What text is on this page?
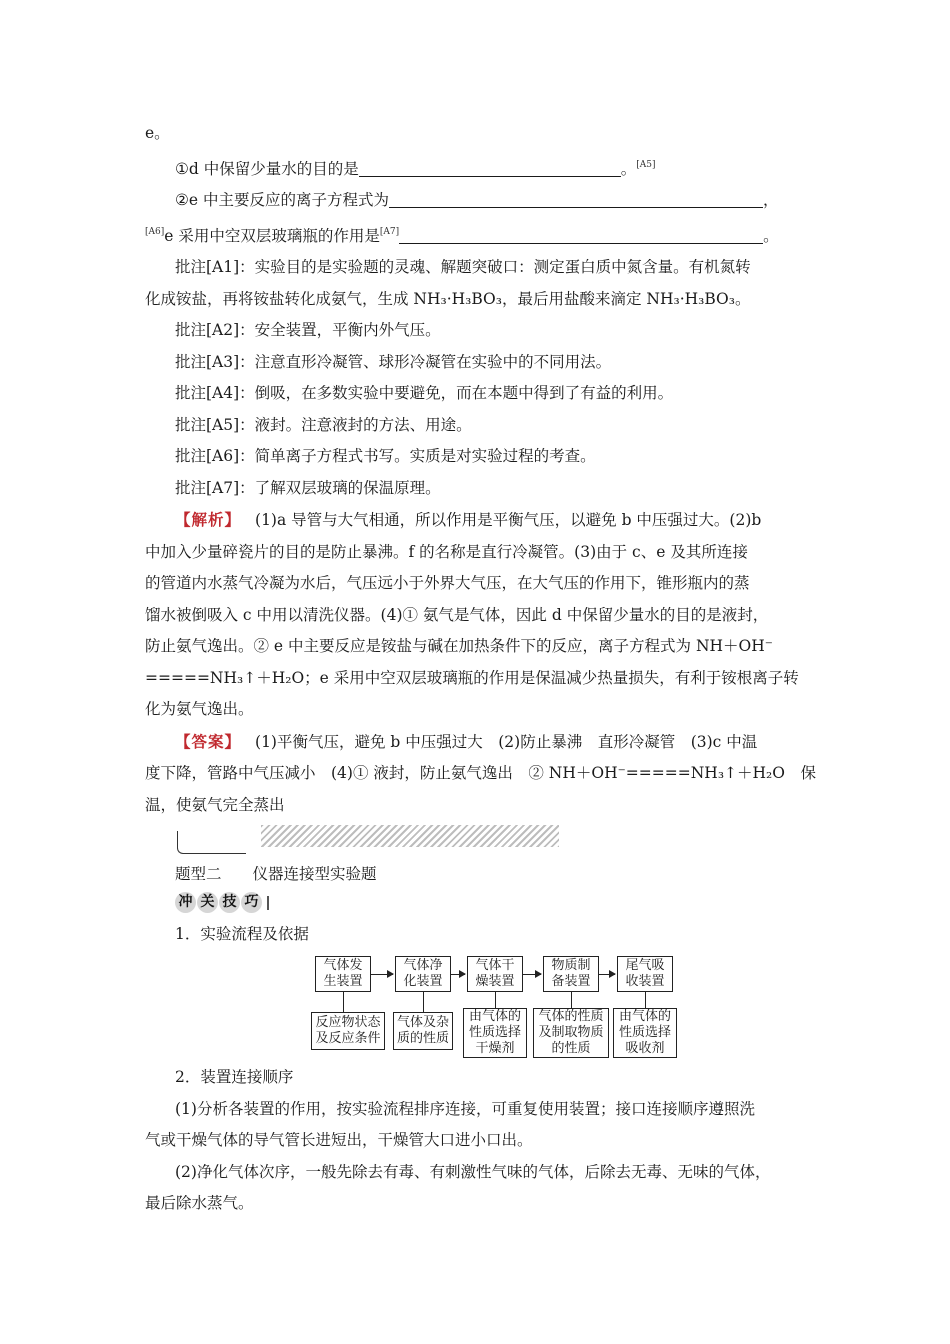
e。
①d 中保留少量水的目的是	。[A5]
②e 中主要反应的离子方程式为	，
[A6]e 采用中空双层玻璃瓶的作用是[A7]	。
批注[A1]：实验目的是实验题的灵魂、解题突破口：测定蛋白质中氮含量。有机氮转
化成铵盐，再将铵盐转化成氨气，生成 NH₃·H₃BO₃，最后用盐酸来滴定 NH₃·H₃BO₃。
批注[A2]：安全装置，平衡内外气压。
批注[A3]：注意直形冷凝管、球形冷凝管在实验中的不同用法。
批注[A4]：倒吸，在多数实验中要避免，而在本题中得到了有益的利用。
批注[A5]：液封。注意液封的方法、用途。
批注[A6]：简单离子方程式书写。实质是对实验过程的考查。
批注[A7]：了解双层玻璃的保温原理。
【解析】 (1)a 导管与大气相通，所以作用是平衡气压，以避免 b 中压强过大。(2)b
中加入少量碎瓷片的目的是防止暴沸。f 的名称是直行冷凝管。(3)由于 c、e 及其所连接
的管道内水蒸气冷凝为水后，气压远小于外界大气压，在大气压的作用下，锥形瓶内的蒸
馏水被倒吸入 c 中用以清洗仪器。(4)① 氨气是气体，因此 d 中保留少量水的目的是液封，
防止氨气逸出。② e 中主要反应是铵盐与碱在加热条件下的反应，离子方程式为 NH＋OH⁻
=====NH₃↑＋H₂O；e 采用中空双层玻璃瓶的作用是保温减少热量损失，有利于铵根离子转
化为氨气逸出。
【答案】 (1)平衡气压，避免 b 中压强过大　(2)防止暴沸　直形冷凝管　(3)c 中温
度下降，管路中气压减小　(4)① 液封，防止氨气逸出　② NH＋OH⁻=====NH₃↑＋H₂O　保
温，使氨气完全蒸出
题型二　　仪器连接型实验题
冲 关 技 巧
1．实验流程及依据
气体发
生装置
气体净
化装置
气体干
燥装置
物质制
备装置
尾气吸
收装置
反应物状态
及反应条件
气体及杂
质的性质
由气体的
性质选择
干燥剂
气体的性质
及制取物质
的性质
由气体的
性质选择
吸收剂
2．装置连接顺序
(1)分析各装置的作用，按实验流程排序连接，可重复使用装置；接口连接顺序遵照洗
气或干燥气体的导气管长进短出，干燥管大口进小口出。
(2)净化气体次序，一般先除去有毒、有刺激性气味的气体，后除去无毒、无味的气体，
最后除水蒸气。
